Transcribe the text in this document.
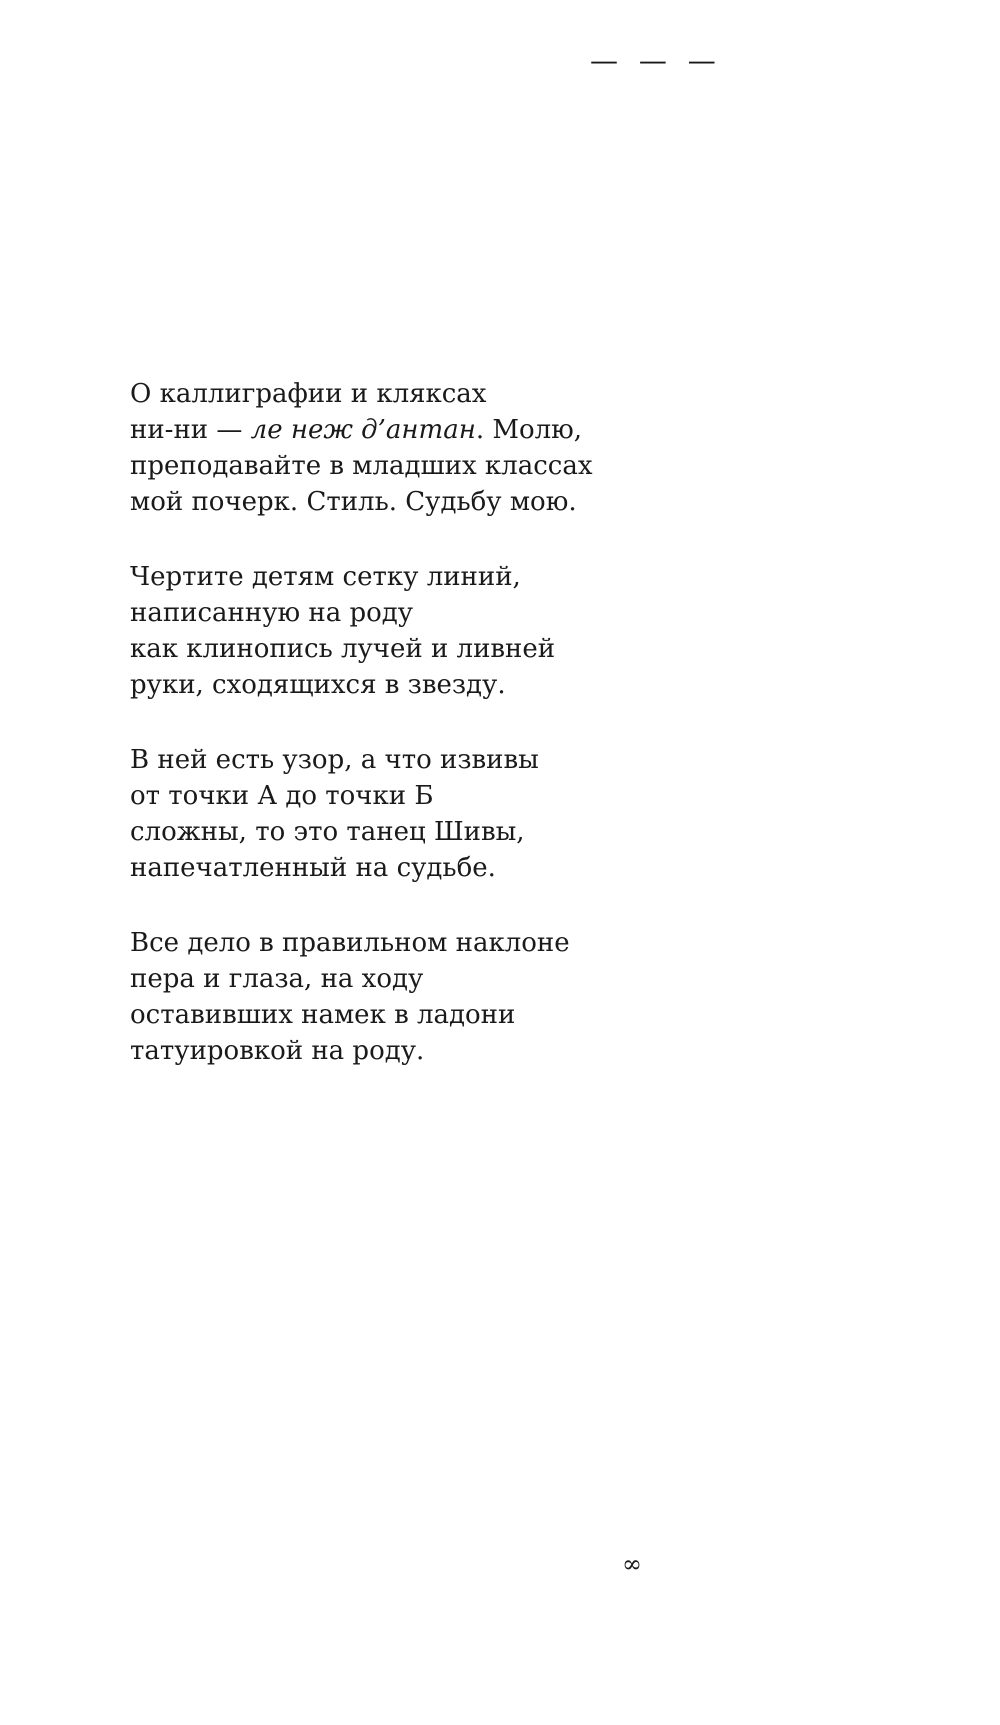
— — —
О каллиграфии и кляксах
ни-ни — ле неж д’антан. Молю,
преподавайте в младших классах
мой почерк. Стиль. Судьбу мою.
Чертите детям сетку линий,
написанную на роду
как клинопись лучей и ливней
руки, сходящихся в звезду.
В ней есть узор, а что извивы
от точки А до точки Б
сложны, то это танец Шивы,
напечатленный на судьбе.
Все дело в правильном наклоне
пера и глаза, на ходу
оставивших намек в ладони
татуировкой на роду.
∞
